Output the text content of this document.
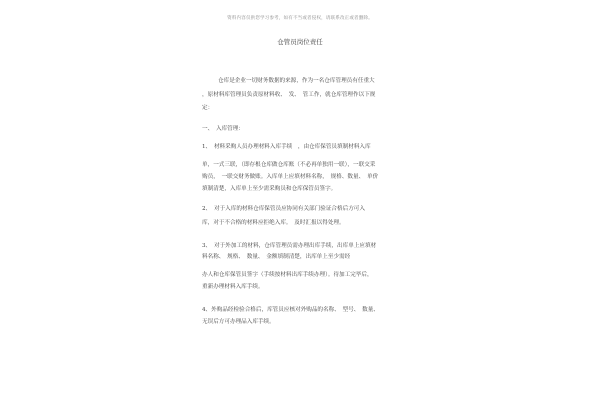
资料内容仅供您学习参考，如有不当或者侵权，请联系改正或者删除。
仓管员岗位责任
仓库是企业一切财务数据的来源，作为一名仓库管理员有任重大
，原材料库管理员负责原材料收、　发、　管工作，就仓库管理作以下规
定：
一、　入库管理：
1、　材料采购人员办理材料入库手续　，由仓库保管员填制材料入库
单，一式三联，（即存根仓库做仓库账（不必再单独用一联），一联交采
购员，　一联交财务做账。入库单上应填材料名称，　规格、数量、　单价
填制清楚，入库单上至少需采购员和仓库保管员签字。
2、　对于入库的材料仓库保管员应协同有关部门验证合格后方可入
库，对于不合格的材料应拒绝入库。　及时汇报以得处理。
3、　对于外加工的材料，仓库管理员需办理出库手续，出库单上应填材
料名称、　规格、　数量、　金额填制清楚，出库单上至少需经
办人和仓库保管员签字（手续按材料出库手续办理）。待加工完毕后，
重新办理材料入库手续。
4、外购品经检验合格后，库管员应核对外购品的名称、　型号、　数量、
无误后方可办理品入库手续。
